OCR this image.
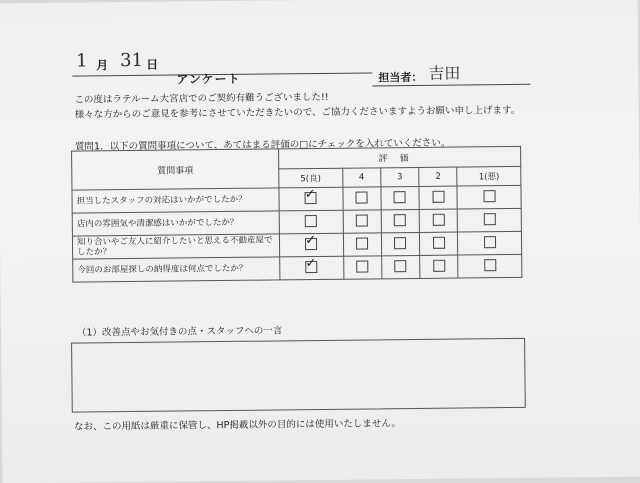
1 月 31 日
アンケート	担当者： 吉田
この度はラテルーム大宮店でのご契約有難うございました!!
様々な方からのご意見を参考にさせていただきたいので、ご協力くださいますようお願い申し上げます。
質問1．以下の質問事項について、あてはまる評価の□にチェックを入れていください。
質問事項	評価				
	5(良)	4	3	2	1(悪)
担当したスタッフの対応はいかがでしたか？	✓				

店内の雰囲気や清潔感はいかがでしたか？					
知り合いやご友人に紹介したいと思える不動産屋でしたか？	✓				

今回のお部屋探しの納得度は何点でしたか？	✓				

（1）改善点やお気付きの点・スタッフへの一言
なお、この用紙は厳重に保管し、HP掲載以外の目的には使用いたしません。
